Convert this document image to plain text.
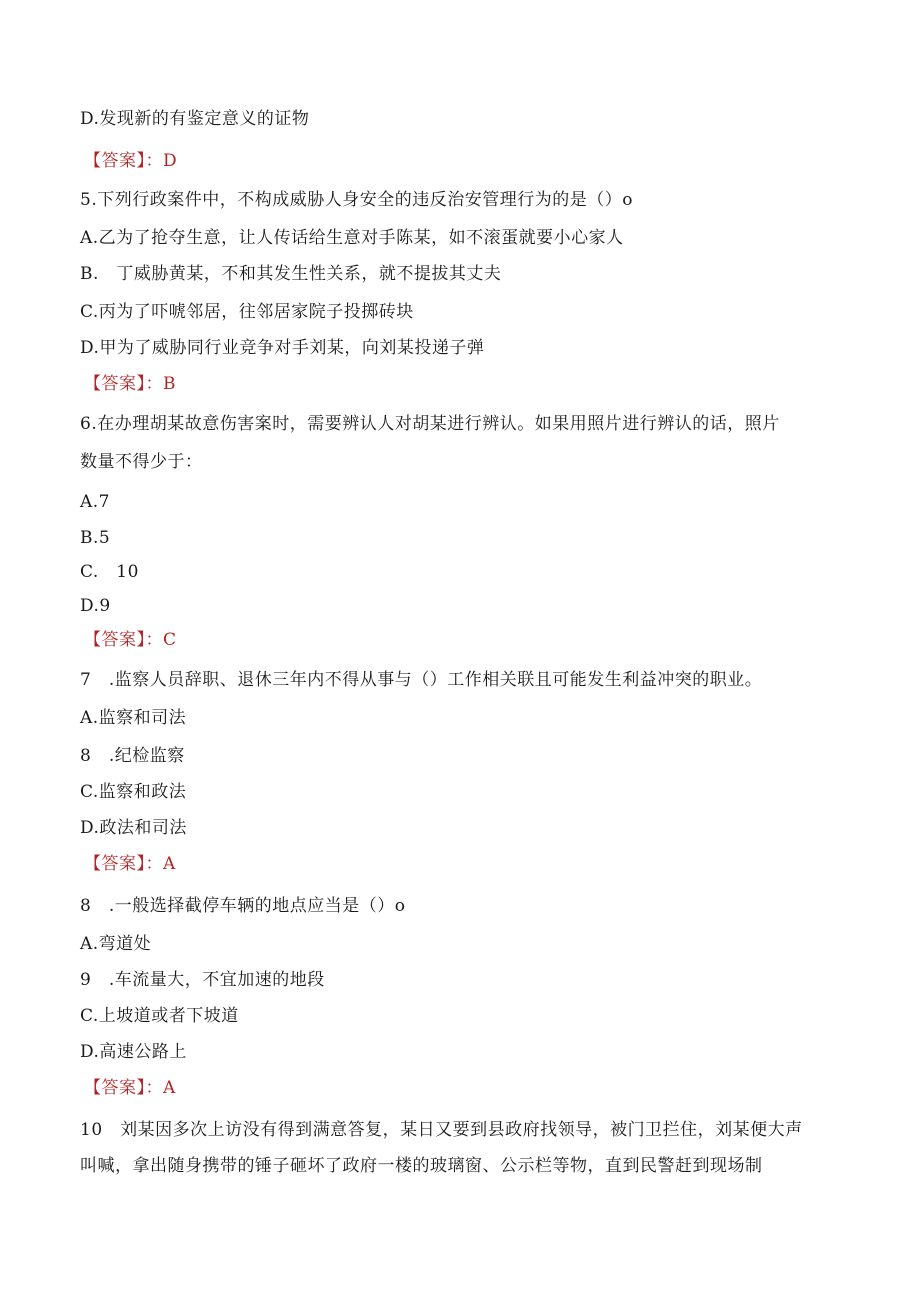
D.发现新的有鉴定意义的证物
【答案】：D
5.下列行政案件中，不构成威胁人身安全的违反治安管理行为的是（）o
A.乙为了抢夺生意，让人传话给生意对手陈某，如不滚蛋就要小心家人
B.　丁威胁黄某，不和其发生性关系，就不提拔其丈夫
C.丙为了吓唬邻居，往邻居家院子投掷砖块
D.甲为了威胁同行业竞争对手刘某，向刘某投递子弹
【答案】：B
6.在办理胡某故意伤害案时，需要辨认人对胡某进行辨认。如果用照片进行辨认的话，照片
数量不得少于：
A.7
B.5
C.　10
D.9
【答案】：C
7　.监察人员辞职、退休三年内不得从事与（）工作相关联且可能发生利益冲突的职业。
A.监察和司法
8　.纪检监察
C.监察和政法
D.政法和司法
【答案】：A
8　.一般选择截停车辆的地点应当是（）o
A.弯道处
9　.车流量大，不宜加速的地段
C.上坡道或者下坡道
D.高速公路上
【答案】：A
10　刘某因多次上访没有得到满意答复，某日又要到县政府找领导，被门卫拦住，刘某便大声
叫喊，拿出随身携带的锤子砸坏了政府一楼的玻璃窗、公示栏等物，直到民警赶到现场制
